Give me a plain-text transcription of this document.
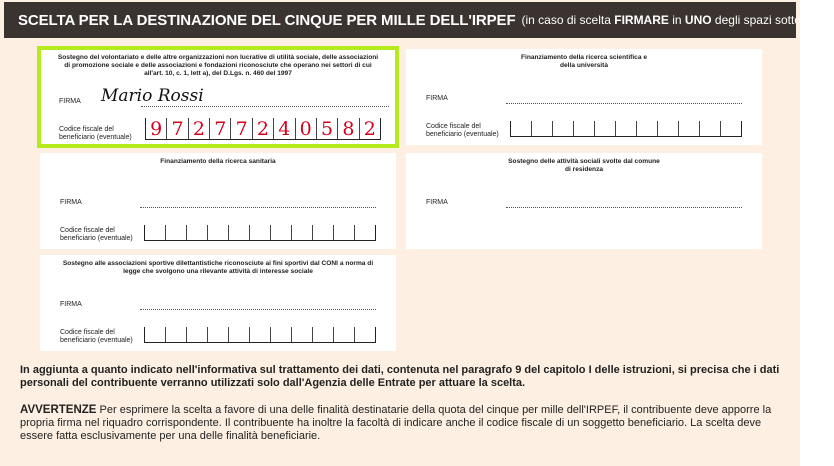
SCELTA PER LA DESTINAZIONE DEL CINQUE PER MILLE DELL'IRPEF (in caso di scelta FIRMARE in UNO degli spazi sottostanti)
Sostegno del volontariato e delle altre organizzazioni non lucrative di utilità sociale, delle associazioni di promozione sociale e delle associazioni e fondazioni riconosciute che operano nei settori di cui all'art. 10, c. 1, lett a), del D.Lgs. n. 460 del 1997
FIRMA Mario Rossi
Codice fiscale del
beneficiario (eventuale) 9 7 2 7 7 2 4 0 5 8 2
Finanziamento della ricerca scientifica e della università
FIRMA
Codice fiscale del
beneficiario (eventuale)
Finanziamento della ricerca sanitaria
FIRMA
Codice fiscale del
beneficiario (eventuale)
Sostegno delle attività sociali svolte dal comune di residenza
FIRMA
Sostegno alle associazioni sportive dilettantistiche riconosciute ai fini sportivi dal CONI a norma di legge che svolgono una rilevante attività di interesse sociale
FIRMA
Codice fiscale del
beneficiario (eventuale)
In aggiunta a quanto indicato nell'informativa sul trattamento dei dati, contenuta nel paragrafo 9 del capitolo I delle istruzioni, si precisa che i dati personali del contribuente verranno utilizzati solo dall'Agenzia delle Entrate per attuare la scelta.
AVVERTENZE Per esprimere la scelta a favore di una delle finalità destinatarie della quota del cinque per mille dell'IRPEF, il contribuente deve apporre la propria firma nel riquadro corrispondente. Il contribuente ha inoltre la facoltà di indicare anche il codice fiscale di un soggetto beneficiario. La scelta deve essere fatta esclusivamente per una delle finalità beneficiarie.
